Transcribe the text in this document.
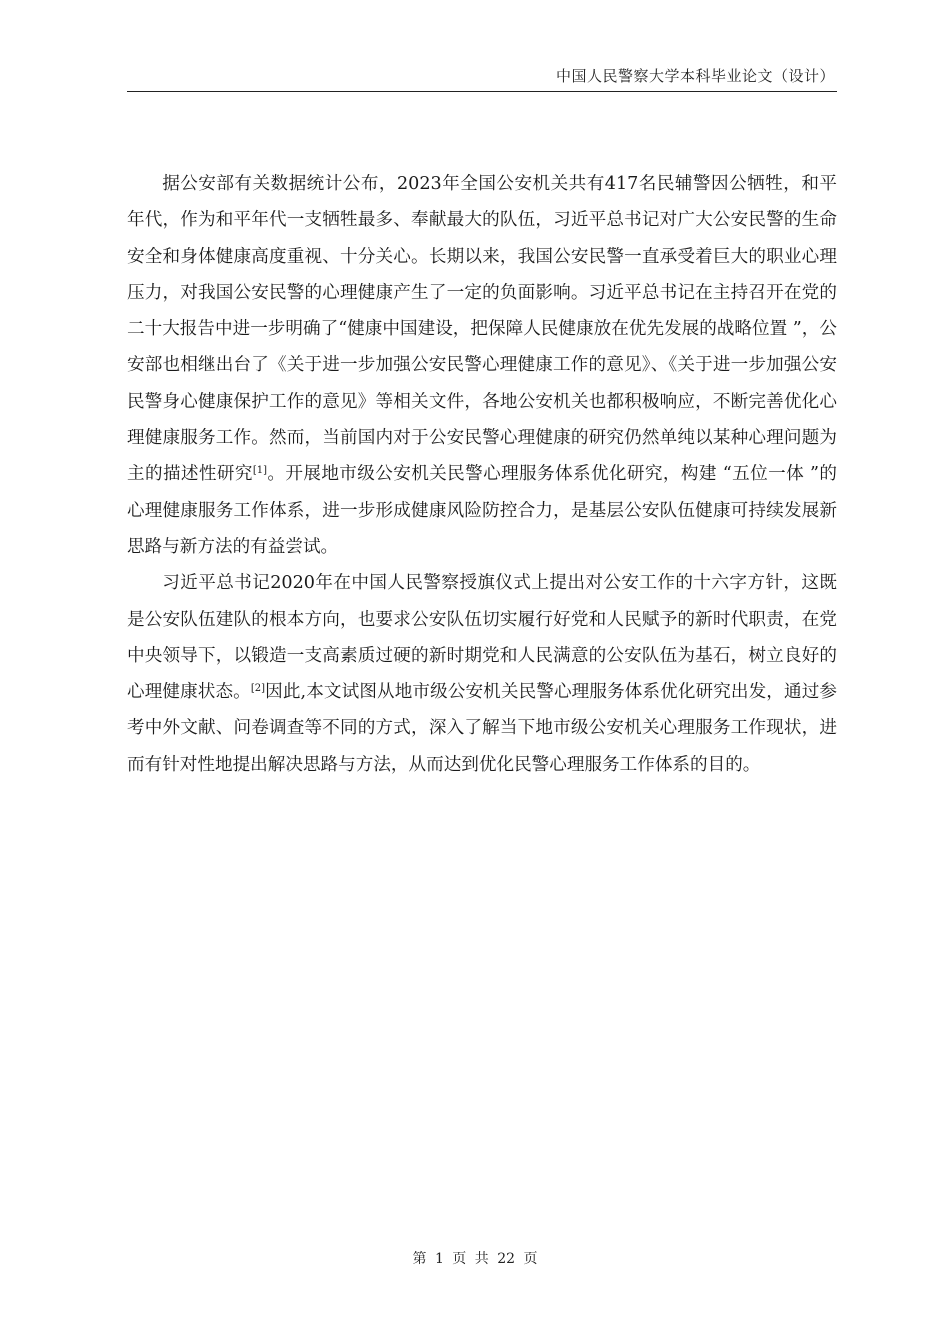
中国人民警察大学本科毕业论文（设计）

据公安部有关数据统计公布，2023年全国公安机关共有417名民辅警因公牺牲，和平年代，作为和平年代一支牺牲最多、奉献最大的队伍，习近平总书记对广大公安民警的生命安全和身体健康高度重视、十分关心。长期以来，我国公安民警一直承受着巨大的职业心理压力，对我国公安民警的心理健康产生了一定的负面影响。习近平总书记在主持召开在党的二十大报告中进一步明确了“健康中国建设，把保障人民健康放在优先发展的战略位置 ”，公安部也相继出台了《关于进一步加强公安民警心理健康工作的意见》、《关于进一步加强公安民警身心健康保护工作的意见》等相关文件，各地公安机关也都积极响应，不断完善优化心理健康服务工作。然而，当前国内对于公安民警心理健康的研究仍然单纯以某种心理问题为主的描述性研究[1]。开展地市级公安机关民警心理服务体系优化研究，构建 “五位一体 ”的心理健康服务工作体系，进一步形成健康风险防控合力，是基层公安队伍健康可持续发展新思路与新方法的有益尝试。

习近平总书记2020年在中国人民警察授旗仪式上提出对公安工作的十六字方针，这既是公安队伍建队的根本方向，也要求公安队伍切实履行好党和人民赋予的新时代职责，在党中央领导下，以锻造一支高素质过硬的新时期党和人民满意的公安队伍为基石，树立良好的心理健康状态。[2]因此,本文试图从地市级公安机关民警心理服务体系优化研究出发，通过参考中外文献、问卷调查等不同的方式，深入了解当下地市级公安机关心理服务工作现状，进而有针对性地提出解决思路与方法，从而达到优化民警心理服务工作体系的目的。

第 1 页 共 22 页
